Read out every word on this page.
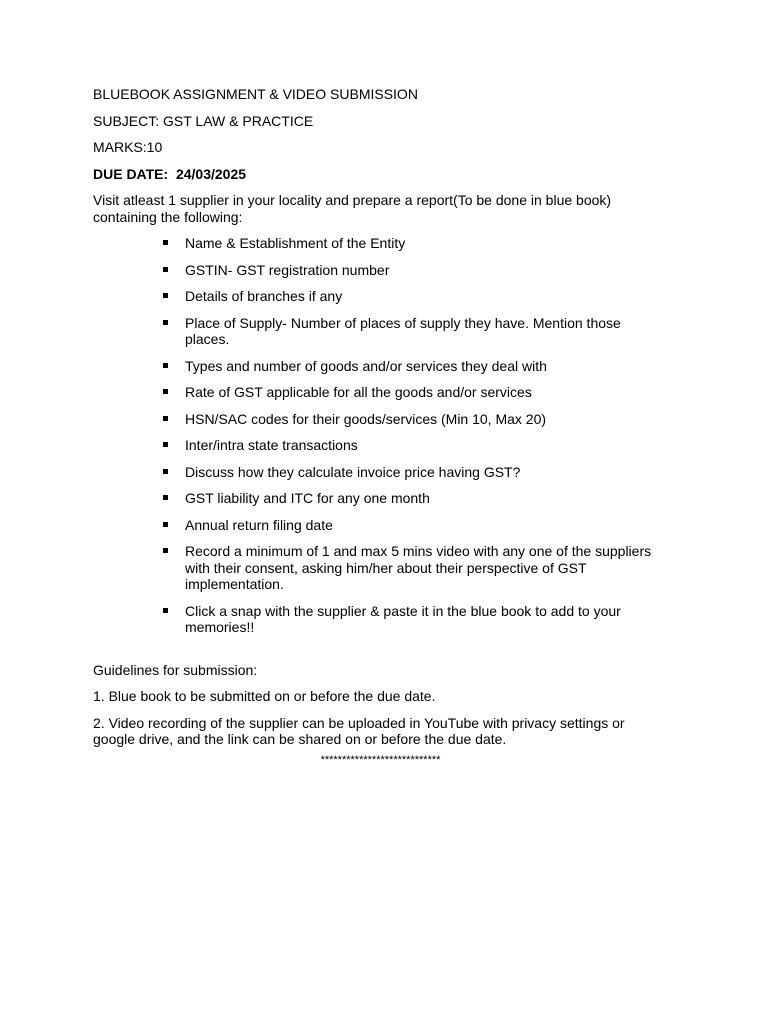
BLUEBOOK ASSIGNMENT & VIDEO SUBMISSION
SUBJECT: GST LAW & PRACTICE
MARKS:10
DUE DATE:  24/03/2025
Visit atleast 1 supplier in your locality and prepare a report(To be done in blue book) containing the following:
Name & Establishment of the Entity
GSTIN- GST registration number
Details of branches if any
Place of Supply- Number of places of supply they have. Mention those places.
Types and number of goods and/or services they deal with
Rate of GST applicable for all the goods and/or services
HSN/SAC codes for their goods/services (Min 10, Max 20)
Inter/intra state transactions
Discuss how they calculate invoice price having GST?
GST liability and ITC for any one month
Annual return filing date
Record a minimum of 1 and max 5 mins video with any one of the suppliers with their consent, asking him/her about their perspective of GST implementation.
Click a snap with the supplier & paste it in the blue book to add to your memories!!
Guidelines for submission:
1. Blue book to be submitted on or before the due date.
2. Video recording of the supplier can be uploaded in YouTube with privacy settings or google drive, and the link can be shared on or before the due date.
****************************
